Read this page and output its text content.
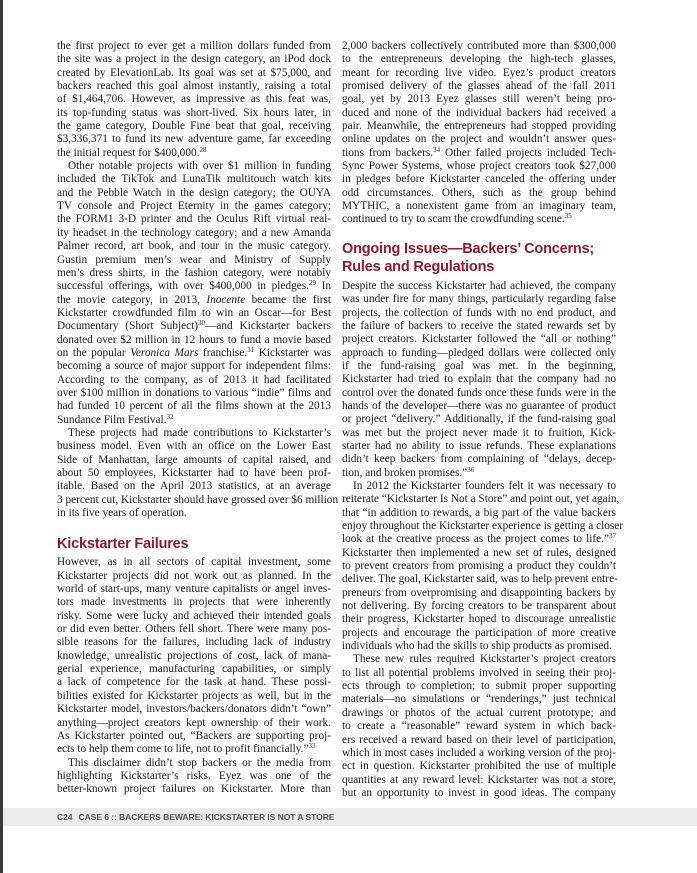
the first project to ever get a million dollars funded from
the site was a project in the design category, an iPod dock
created by ElevationLab. Its goal was set at $75,000, and
backers reached this goal almost instantly, raising a total
of $1,464,706. However, as impressive as this feat was,
its top-funding status was short-lived. Six hours later, in
the game category, Double Fine beat that goal, receiving
$3,336,371 to fund its new adventure game, far exceeding
the initial request for $400,000.28
Other notable projects with over $1 million in funding
included the TikTok and LunaTik multitouch watch kits
and the Pebble Watch in the design category; the OUYA
TV console and Project Eternity in the games category;
the FORM1 3-D printer and the Oculus Rift virtual real-
ity headset in the technology category; and a new Amanda
Palmer record, art book, and tour in the music category.
Gustin premium men’s wear and Ministry of Supply
men’s dress shirts, in the fashion category, were notably
successful offerings, with over $400,000 in pledges.$^{29}$ In
the movie category, in 2013, Inocente became the first
Kickstarter crowdfunded film to win an Oscar—for Best
Documentary (Short Subject)$^{30}$—and Kickstarter backers
donated over $2 million in 12 hours to fund a movie based
on the popular Veronica Mars franchise.$^{31}$ Kickstarter was
becoming a source of major support for independent films:
According to the company, as of 2013 it had facilitated
over $100 million in donations to various “indie” films and
had funded 10 percent of all the films shown at the 2013
Sundance Film Festival.$^{32}$
These projects had made contributions to Kickstarter’s
business model. Even with an office on the Lower East
Side of Manhattan, large amounts of capital raised, and
about 50 employees, Kickstarter had to have been prof-
itable. Based on the April 2013 statistics, at an average
3 percent cut, Kickstarter should have grossed over $6 million
in its five years of operation.
Kickstarter Failures
However, as in all sectors of capital investment, some
Kickstarter projects did not work out as planned. In the
world of start-ups, many venture capitalists or angel inves-
tors made investments in projects that were inherently
risky. Some were lucky and achieved their intended goals
or did even better. Others fell short. There were many pos-
sible reasons for the failures, including lack of industry
knowledge, unrealistic projections of cost, lack of mana-
gerial experience, manufacturing capabilities, or simply
a lack of competence for the task at hand. These possi-
bilities existed for Kickstarter projects as well, but in the
Kickstarter model, investors/backers/donators didn’t “own”
anything—project creators kept ownership of their work.
As Kickstarter pointed out, “Backers are supporting proj-
ects to help them come to life, not to profit financially.”$^{33}$
This disclaimer didn’t stop backers or the media from
highlighting Kickstarter’s risks. Eyez was one of the
better-known project failures on Kickstarter. More than
2,000 backers collectively contributed more than $300,000
to the entrepreneurs developing the high-tech glasses,
meant for recording live video. Eyez’s product creators
promised delivery of the glasses ahead of the fall 2011
goal, yet by 2013 Eyez glasses still weren’t being pro-
duced and none of the individual backers had received a
pair. Meanwhile, the entrepreneurs had stopped providing
online updates on the project and wouldn’t answer ques-
tions from backers.$^{34}$ Other failed projects included Tech-
Sync Power Systems, whose project creators took $27,000
in pledges before Kickstarter canceled the offering under
odd circumstances. Others, such as the group behind
MYTHIC, a nonexistent game from an imaginary team,
continued to try to scam the crowdfunding scene.$^{35}$
Ongoing Issues—Backers’ Concerns;
Rules and Regulations
Despite the success Kickstarter had achieved, the company
was under fire for many things, particularly regarding false
projects, the collection of funds with no end product, and
the failure of backers to receive the stated rewards set by
project creators. Kickstarter followed the “all or nothing”
approach to funding—pledged dollars were collected only
if the fund-raising goal was met. In the beginning,
Kickstarter had tried to explain that the company had no
control over the donated funds once these funds were in the
hands of the developer—there was no guarantee of product
or project “delivery.” Additionally, if the fund-raising goal
was met but the project never made it to fruition, Kick-
starter had no ability to issue refunds. These explanations
didn’t keep backers from complaining of “delays, decep-
tion, and broken promises.”$^{36}$
In 2012 the Kickstarter founders felt it was necessary to
reiterate “Kickstarter Is Not a Store” and point out, yet again,
that “in addition to rewards, a big part of the value backers
enjoy throughout the Kickstarter experience is getting a closer
look at the creative process as the project comes to life.”$^{37}$
Kickstarter then implemented a new set of rules, designed
to prevent creators from promising a product they couldn’t
deliver. The goal, Kickstarter said, was to help prevent entre-
preneurs from overpromising and disappointing backers by
not delivering. By forcing creators to be transparent about
their progress, Kickstarter hoped to discourage unrealistic
projects and encourage the participation of more creative
individuals who had the skills to ship products as promised.
These new rules required Kickstarter’s project creators
to list all potential problems involved in seeing their proj-
ects through to completion; to submit proper supporting
materials—no simulations or “renderings,” just technical
drawings or photos of the actual current prototype; and
to create a “reasonable” reward system in which back-
ers received a reward based on their level of participation,
which in most cases included a working version of the proj-
ect in question. Kickstarter prohibited the use of multiple
quantities at any reward level: Kickstarter was not a store,
but an opportunity to invest in good ideas. The company
C24 CASE 6 :: BACKERS BEWARE: KICKSTARTER IS NOT A STORE
